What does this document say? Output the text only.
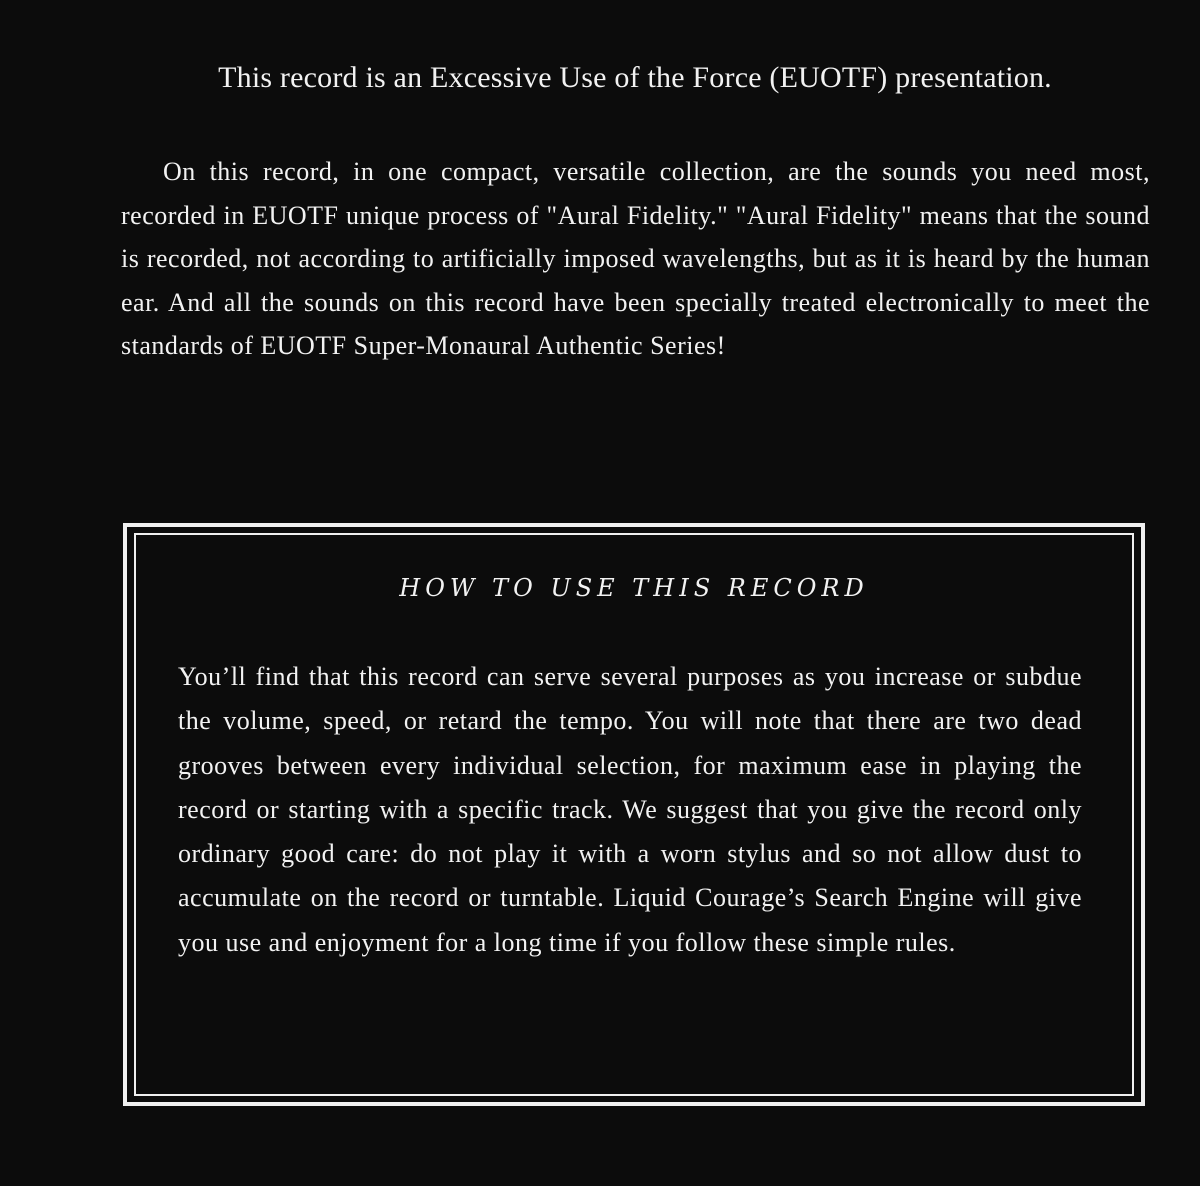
This record is an Excessive Use of the Force (EUOTF) presentation.
On this record, in one compact, versatile collection, are the sounds you need most, recorded in EUOTF unique process of "Aural Fidelity." "Aural Fidelity" means that the sound is recorded, not according to artificially imposed wavelengths, but as it is heard by the human ear. And all the sounds on this record have been specially treated electronically to meet the standards of EUOTF Super-Monaural Authentic Series!
HOW TO USE THIS RECORD
You’ll find that this record can serve several purposes as you increase or subdue the volume, speed, or retard the tempo. You will note that there are two dead grooves between every individual selection, for maximum ease in playing the record or starting with a specific track. We suggest that you give the record only ordinary good care: do not play it with a worn stylus and so not allow dust to accumulate on the record or turntable. Liquid Courage’s Search Engine will give you use and enjoyment for a long time if you follow these simple rules.
